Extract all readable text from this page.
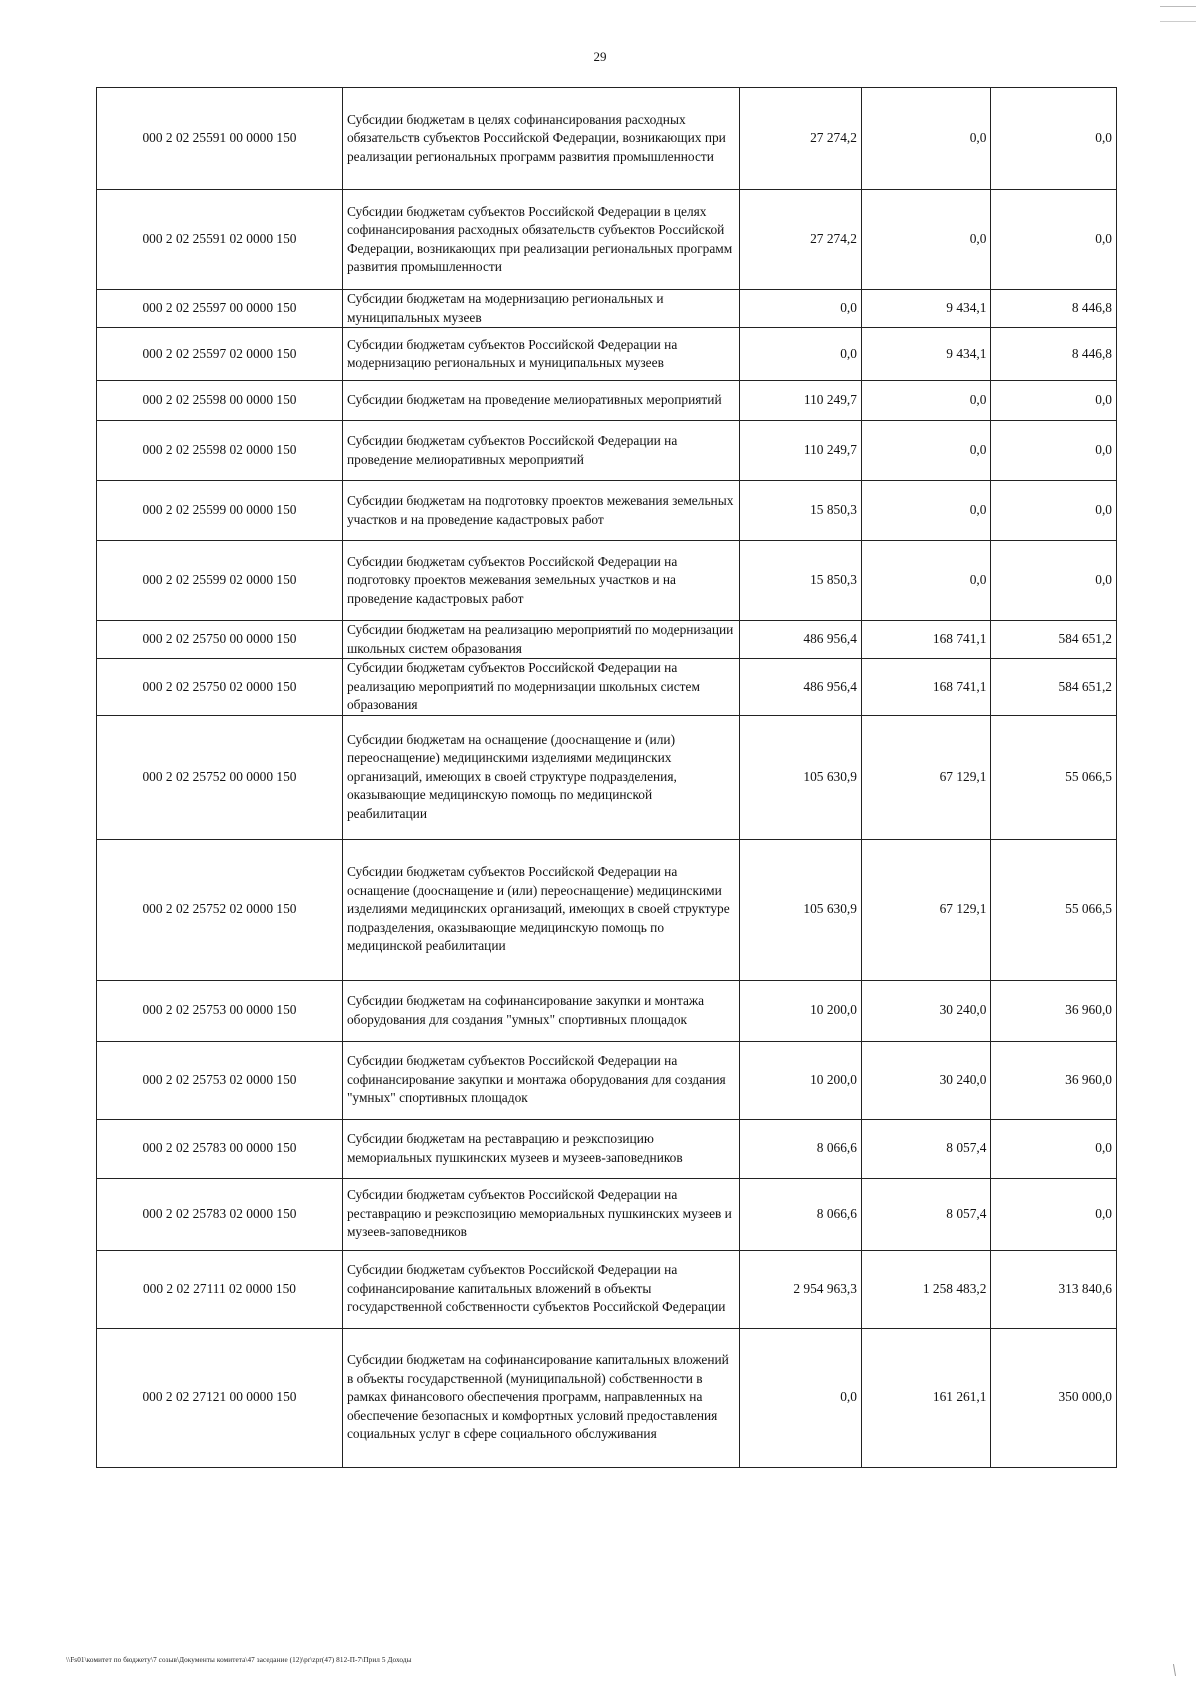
29
000 2 02 25591 00 0000 150	Субсидии бюджетам в целях софинансирования расходных обязательств субъектов Российской Федерации, возникающих при реализации региональных программ развития промышленности	27 274,2	0,0	0,0
000 2 02 25591 02 0000 150	Субсидии бюджетам субъектов Российской Федерации в целях софинансирования расходных обязательств субъектов Российской Федерации, возникающих при реализации региональных программ развития промышленности	27 274,2	0,0	0,0
000 2 02 25597 00 0000 150	Субсидии бюджетам на модернизацию региональных и муниципальных музеев	0,0	9 434,1	8 446,8
000 2 02 25597 02 0000 150	Субсидии бюджетам субъектов Российской Федерации на модернизацию региональных и муниципальных музеев	0,0	9 434,1	8 446,8
000 2 02 25598 00 0000 150	Субсидии бюджетам на проведение мелиоративных мероприятий	110 249,7	0,0	0,0
000 2 02 25598 02 0000 150	Субсидии бюджетам субъектов Российской Федерации на проведение мелиоративных мероприятий	110 249,7	0,0	0,0
000 2 02 25599 00 0000 150	Субсидии бюджетам на подготовку проектов межевания земельных участков и на проведение кадастровых работ	15 850,3	0,0	0,0
000 2 02 25599 02 0000 150	Субсидии бюджетам субъектов Российской Федерации на подготовку проектов межевания земельных участков и на проведение кадастровых работ	15 850,3	0,0	0,0
000 2 02 25750 00 0000 150	Субсидии бюджетам на реализацию мероприятий по модернизации школьных систем образования	486 956,4	168 741,1	584 651,2
000 2 02 25750 02 0000 150	Субсидии бюджетам субъектов Российской Федерации на реализацию мероприятий по модернизации школьных систем образования	486 956,4	168 741,1	584 651,2
000 2 02 25752 00 0000 150	Субсидии бюджетам на оснащение (дооснащение и (или) переоснащение) медицинскими изделиями медицинских организаций, имеющих в своей структуре подразделения, оказывающие медицинскую помощь по медицинской реабилитации	105 630,9	67 129,1	55 066,5
000 2 02 25752 02 0000 150	Субсидии бюджетам субъектов Российской Федерации на оснащение (дооснащение и (или) переоснащение) медицинскими изделиями медицинских организаций, имеющих в своей структуре подразделения, оказывающие медицинскую помощь по медицинской реабилитации	105 630,9	67 129,1	55 066,5
000 2 02 25753 00 0000 150	Субсидии бюджетам на софинансирование закупки и монтажа оборудования для создания "умных" спортивных площадок	10 200,0	30 240,0	36 960,0
000 2 02 25753 02 0000 150	Субсидии бюджетам субъектов Российской Федерации на софинансирование закупки и монтажа оборудования для создания "умных" спортивных площадок	10 200,0	30 240,0	36 960,0
000 2 02 25783 00 0000 150	Субсидии бюджетам на реставрацию и реэкспозицию мемориальных пушкинских музеев и музеев-заповедников	8 066,6	8 057,4	0,0
000 2 02 25783 02 0000 150	Субсидии бюджетам субъектов Российской Федерации на реставрацию и реэкспозицию мемориальных пушкинских музеев и музеев-заповедников	8 066,6	8 057,4	0,0
000 2 02 27111 02 0000 150	Субсидии бюджетам субъектов Российской Федерации на софинансирование капитальных вложений в объекты государственной собственности субъектов Российской Федерации	2 954 963,3	1 258 483,2	313 840,6
000 2 02 27121 00 0000 150	Субсидии бюджетам на софинансирование капитальных вложений в объекты государственной (муниципальной) собственности в рамках финансового обеспечения программ, направленных на обеспечение безопасных и комфортных условий предоставления социальных услуг в сфере социального обслуживания	0,0	161 261,1	350 000,0
\\Fs01\комитет по бюджету\7 созыв\Документы комитета\47 заседание (12)\pr\zpr(47) 812-П-7\Прил 5 Доходы
